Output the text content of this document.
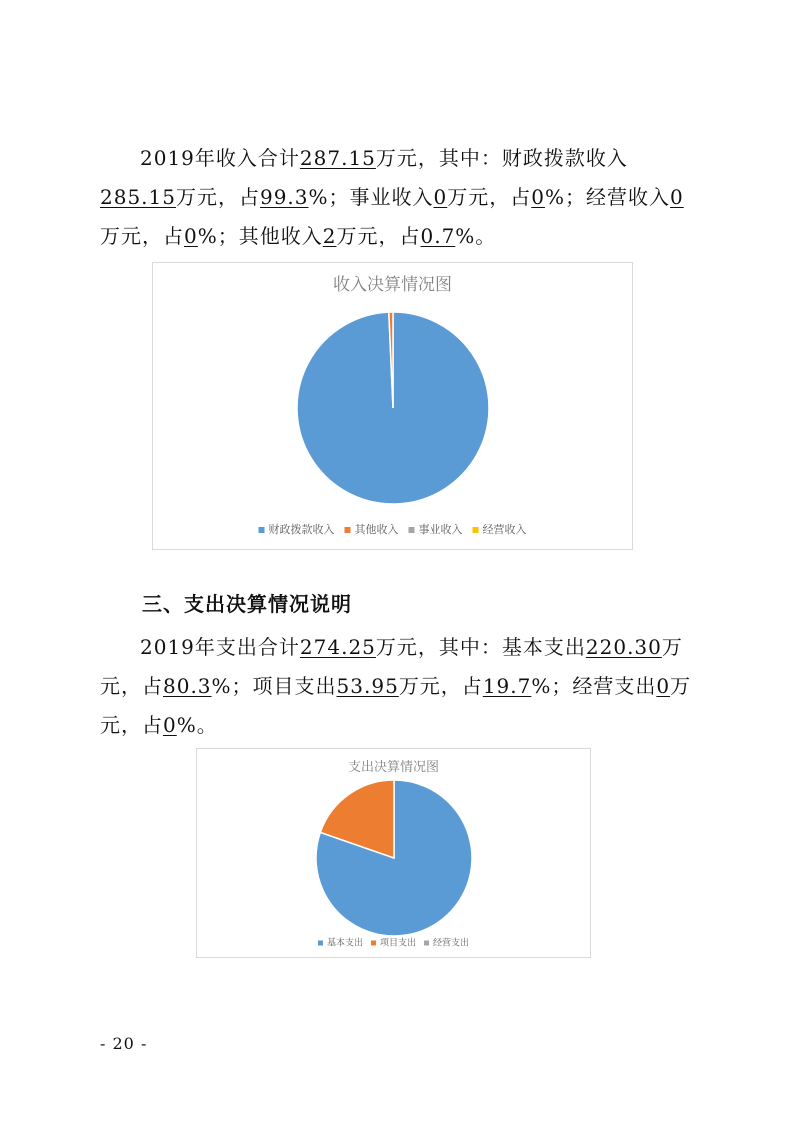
2019年收入合计287.15万元，其中：财政拨款收入285.15万元，占99.3%；事业收入0万元，占0%；经营收入0万元，占0%；其他收入2万元，占0.7%。

收入决算情况图
财政拨款收入 其他收入 事业收入 经营收入
三、支出决算情况说明

2019年支出合计274.25万元，其中：基本支出220.30万元，占80.3%；项目支出53.95万元，占19.7%；经营支出0万元，占0%。

支出决算情况图
基本支出 项目支出 经营支出
- 20 -
